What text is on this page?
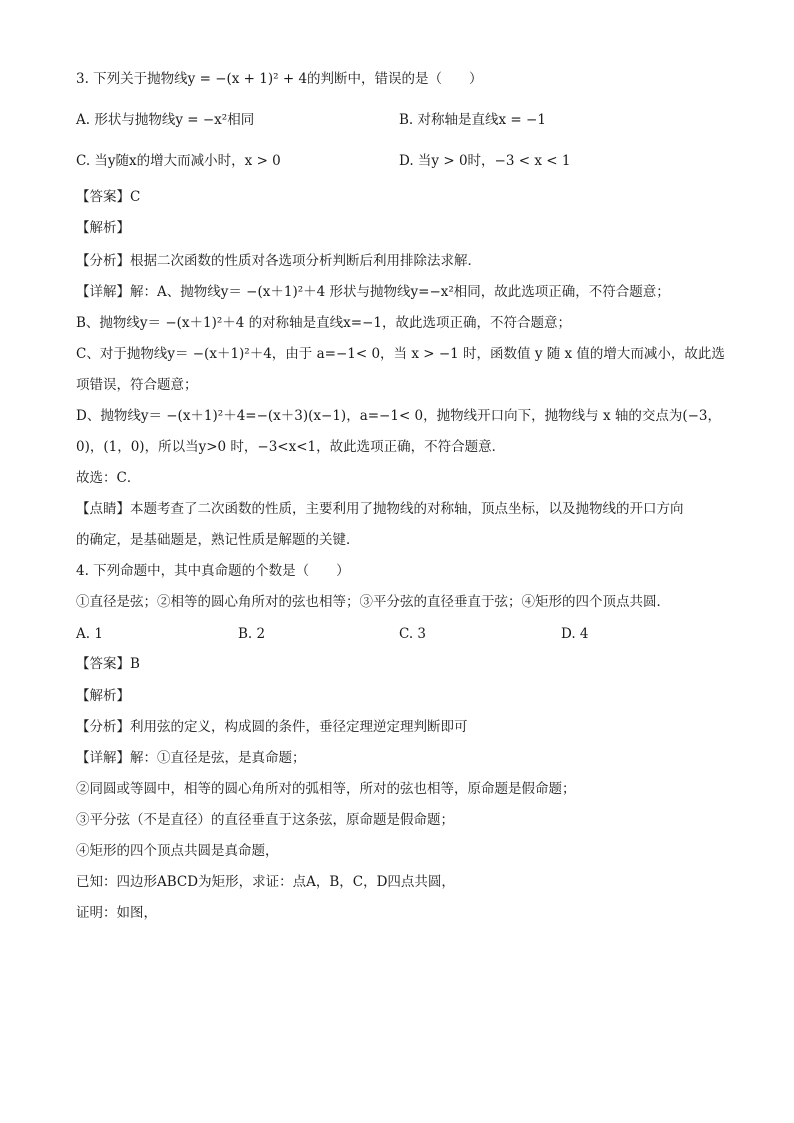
3. 下列关于抛物线y = −(x + 1)² + 4的判断中，错误的是（　　）
A. 形状与抛物线y = −x²相同	B. 对称轴是直线x = −1
C. 当y随x的增大而减小时，x > 0	D. 当y > 0时，−3 < x < 1
【答案】C
【解析】
【分析】根据二次函数的性质对各选项分析判断后利用排除法求解．
【详解】解：A、抛物线y＝ −(x＋1)²＋4 形状与抛物线y=−x²相同，故此选项正确，不符合题意；
B、抛物线y＝ −(x＋1)²＋4 的对称轴是直线x=−1，故此选项正确，不符合题意；
C、对于抛物线y＝ −(x＋1)²＋4，由于 a=−1< 0，当 x > −1 时，函数值 y 随 x 值的增大而减小，故此选
项错误，符合题意；
D、抛物线y＝ −(x＋1)²＋4=−(x＋3)(x−1)，a=−1< 0，抛物线开口向下，抛物线与 x 轴的交点为(−3，
0)，(1，0)，所以当y>0 时，−3<x<1，故此选项正确，不符合题意．
故选：C．
【点睛】本题考查了二次函数的性质，主要利用了抛物线的对称轴，顶点坐标，以及抛物线的开口方向
的确定，是基础题是，熟记性质是解题的关键．
4. 下列命题中，其中真命题的个数是（　　）
①直径是弦；②相等的圆心角所对的弦也相等；③平分弦的直径垂直于弦；④矩形的四个顶点共圆．
A. 1	B. 2	C. 3	D. 4
【答案】B
【解析】
【分析】利用弦的定义，构成圆的条件，垂径定理逆定理判断即可
【详解】解：①直径是弦，是真命题；
②同圆或等圆中，相等的圆心角所对的弧相等，所对的弦也相等，原命题是假命题；
③平分弦（不是直径）的直径垂直于这条弦，原命题是假命题；
④矩形的四个顶点共圆是真命题，
已知：四边形ABCD为矩形，求证：点A，B，C，D四点共圆，
证明：如图，
